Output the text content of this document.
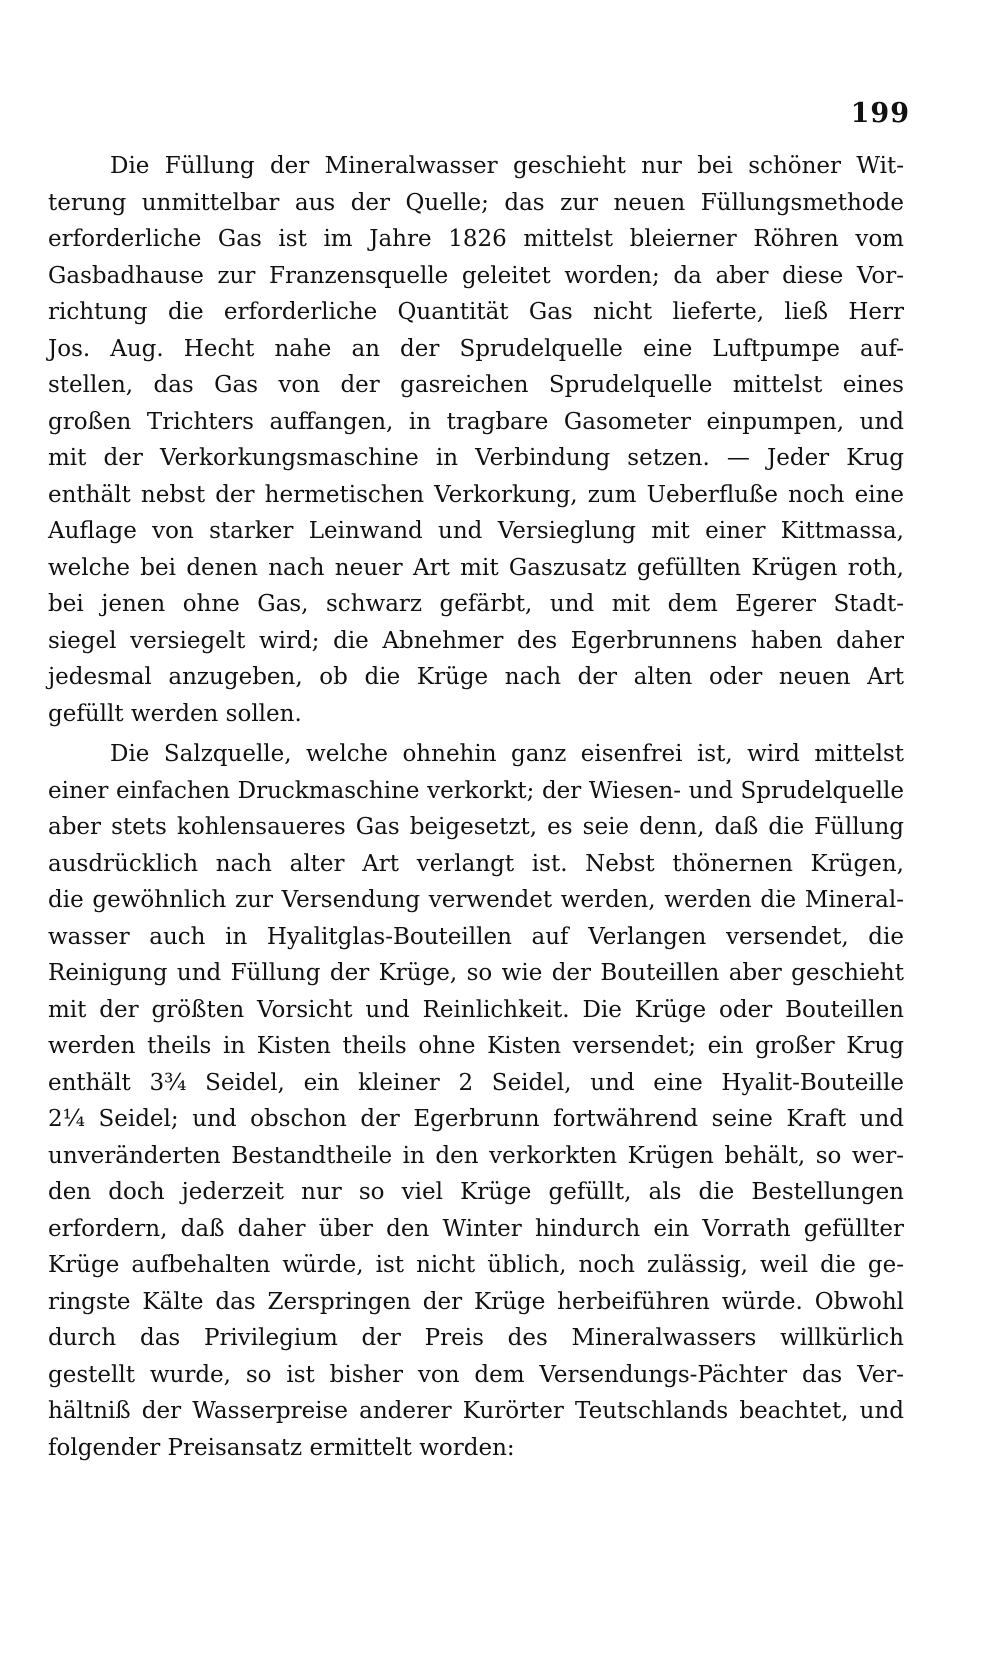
199
Die Füllung der Mineralwasser geschieht nur bei schöner Wit-
terung unmittelbar aus der Quelle; das zur neuen Füllungsmethode
erforderliche Gas ist im Jahre 1826 mittelst bleierner Röhren vom
Gasbadhause zur Franzensquelle geleitet worden; da aber diese Vor-
richtung die erforderliche Quantität Gas nicht lieferte, ließ Herr
Jos. Aug. Hecht nahe an der Sprudelquelle eine Luftpumpe auf-
stellen, das Gas von der gasreichen Sprudelquelle mittelst eines
großen Trichters auffangen, in tragbare Gasometer einpumpen, und
mit der Verkorkungsmaschine in Verbindung setzen. — Jeder Krug
enthält nebst der hermetischen Verkorkung, zum Ueberfluße noch eine
Auflage von starker Leinwand und Versieglung mit einer Kittmassa,
welche bei denen nach neuer Art mit Gaszusatz gefüllten Krügen roth,
bei jenen ohne Gas, schwarz gefärbt, und mit dem Egerer Stadt-
siegel versiegelt wird; die Abnehmer des Egerbrunnens haben daher
jedesmal anzugeben, ob die Krüge nach der alten oder neuen Art
gefüllt werden sollen.
Die Salzquelle, welche ohnehin ganz eisenfrei ist, wird mittelst
einer einfachen Druckmaschine verkorkt; der Wiesen- und Sprudelquelle
aber stets kohlensaueres Gas beigesetzt, es seie denn, daß die Füllung
ausdrücklich nach alter Art verlangt ist. Nebst thönernen Krügen,
die gewöhnlich zur Versendung verwendet werden, werden die Mineral-
wasser auch in Hyalitglas-Bouteillen auf Verlangen versendet, die
Reinigung und Füllung der Krüge, so wie der Bouteillen aber geschieht
mit der größten Vorsicht und Reinlichkeit. Die Krüge oder Bouteillen
werden theils in Kisten theils ohne Kisten versendet; ein großer Krug
enthält 3¾ Seidel, ein kleiner 2 Seidel, und eine Hyalit-Bouteille
2¼ Seidel; und obschon der Egerbrunn fortwährend seine Kraft und
unveränderten Bestandtheile in den verkorkten Krügen behält, so wer-
den doch jederzeit nur so viel Krüge gefüllt, als die Bestellungen
erfordern, daß daher über den Winter hindurch ein Vorrath gefüllter
Krüge aufbehalten würde, ist nicht üblich, noch zulässig, weil die ge-
ringste Kälte das Zerspringen der Krüge herbeiführen würde. Obwohl
durch das Privilegium der Preis des Mineralwassers willkürlich
gestellt wurde, so ist bisher von dem Versendungs-Pächter das Ver-
hältniß der Wasserpreise anderer Kurörter Teutschlands beachtet, und
folgender Preisansatz ermittelt worden:
